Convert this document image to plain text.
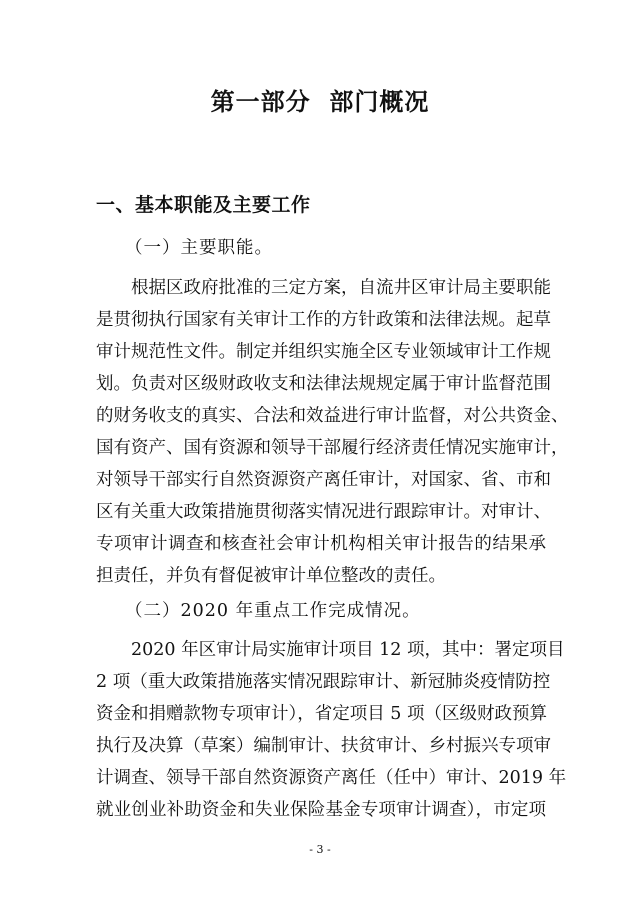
第一部分  部门概况
一、基本职能及主要工作
（一）主要职能。
根据区政府批准的三定方案，自流井区审计局主要职能
是贯彻执行国家有关审计工作的方针政策和法律法规。起草
审计规范性文件。制定并组织实施全区专业领域审计工作规
划。负责对区级财政收支和法律法规规定属于审计监督范围
的财务收支的真实、合法和效益进行审计监督，对公共资金、
国有资产、国有资源和领导干部履行经济责任情况实施审计，
对领导干部实行自然资源资产离任审计，对国家、省、市和
区有关重大政策措施贯彻落实情况进行跟踪审计。对审计、
专项审计调查和核查社会审计机构相关审计报告的结果承
担责任，并负有督促被审计单位整改的责任。
（二）2020 年重点工作完成情况。
2020 年区审计局实施审计项目 12 项，其中：署定项目
2 项（重大政策措施落实情况跟踪审计、新冠肺炎疫情防控
资金和捐赠款物专项审计），省定项目 5 项（区级财政预算
执行及决算（草案）编制审计、扶贫审计、乡村振兴专项审
计调查、领导干部自然资源资产离任（任中）审计、2019 年
就业创业补助资金和失业保险基金专项审计调查），市定项
- 3 -
